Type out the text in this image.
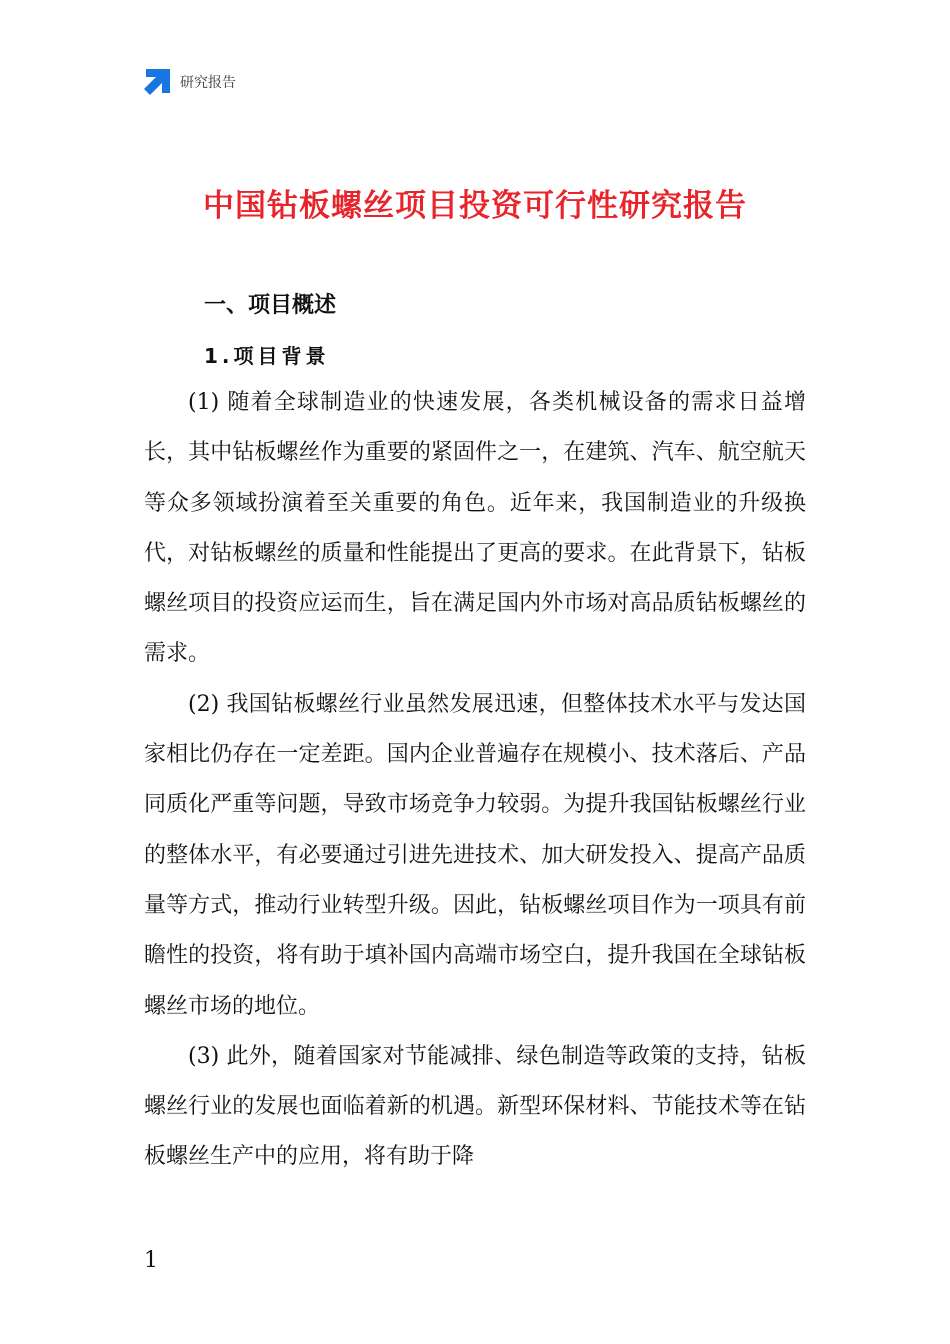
研究报告
中国钻板螺丝项目投资可行性研究报告
一、项目概述
1.项目背景

(1) 随着全球制造业的快速发展，各类机械设备的需求日益增长，其中钻板螺丝作为重要的紧固件之一，在建筑、汽车、航空航天等众多领域扮演着至关重要的角色。近年来，我国制造业的升级换代，对钻板螺丝的质量和性能提出了更高的要求。在此背景下，钻板螺丝项目的投资应运而生，旨在满足国内外市场对高品质钻板螺丝的需求。

(2) 我国钻板螺丝行业虽然发展迅速，但整体技术水平与发达国家相比仍存在一定差距。国内企业普遍存在规模小、技术落后、产品同质化严重等问题，导致市场竞争力较弱。为提升我国钻板螺丝行业的整体水平，有必要通过引进先进技术、加大研发投入、提高产品质量等方式，推动行业转型升级。因此，钻板螺丝项目作为一项具有前瞻性的投资，将有助于填补国内高端市场空白，提升我国在全球钻板螺丝市场的地位。

(3) 此外，随着国家对节能减排、绿色制造等政策的支持，钻板螺丝行业的发展也面临着新的机遇。新型环保材料、节能技术等在钻板螺丝生产中的应用，将有助于降

1
